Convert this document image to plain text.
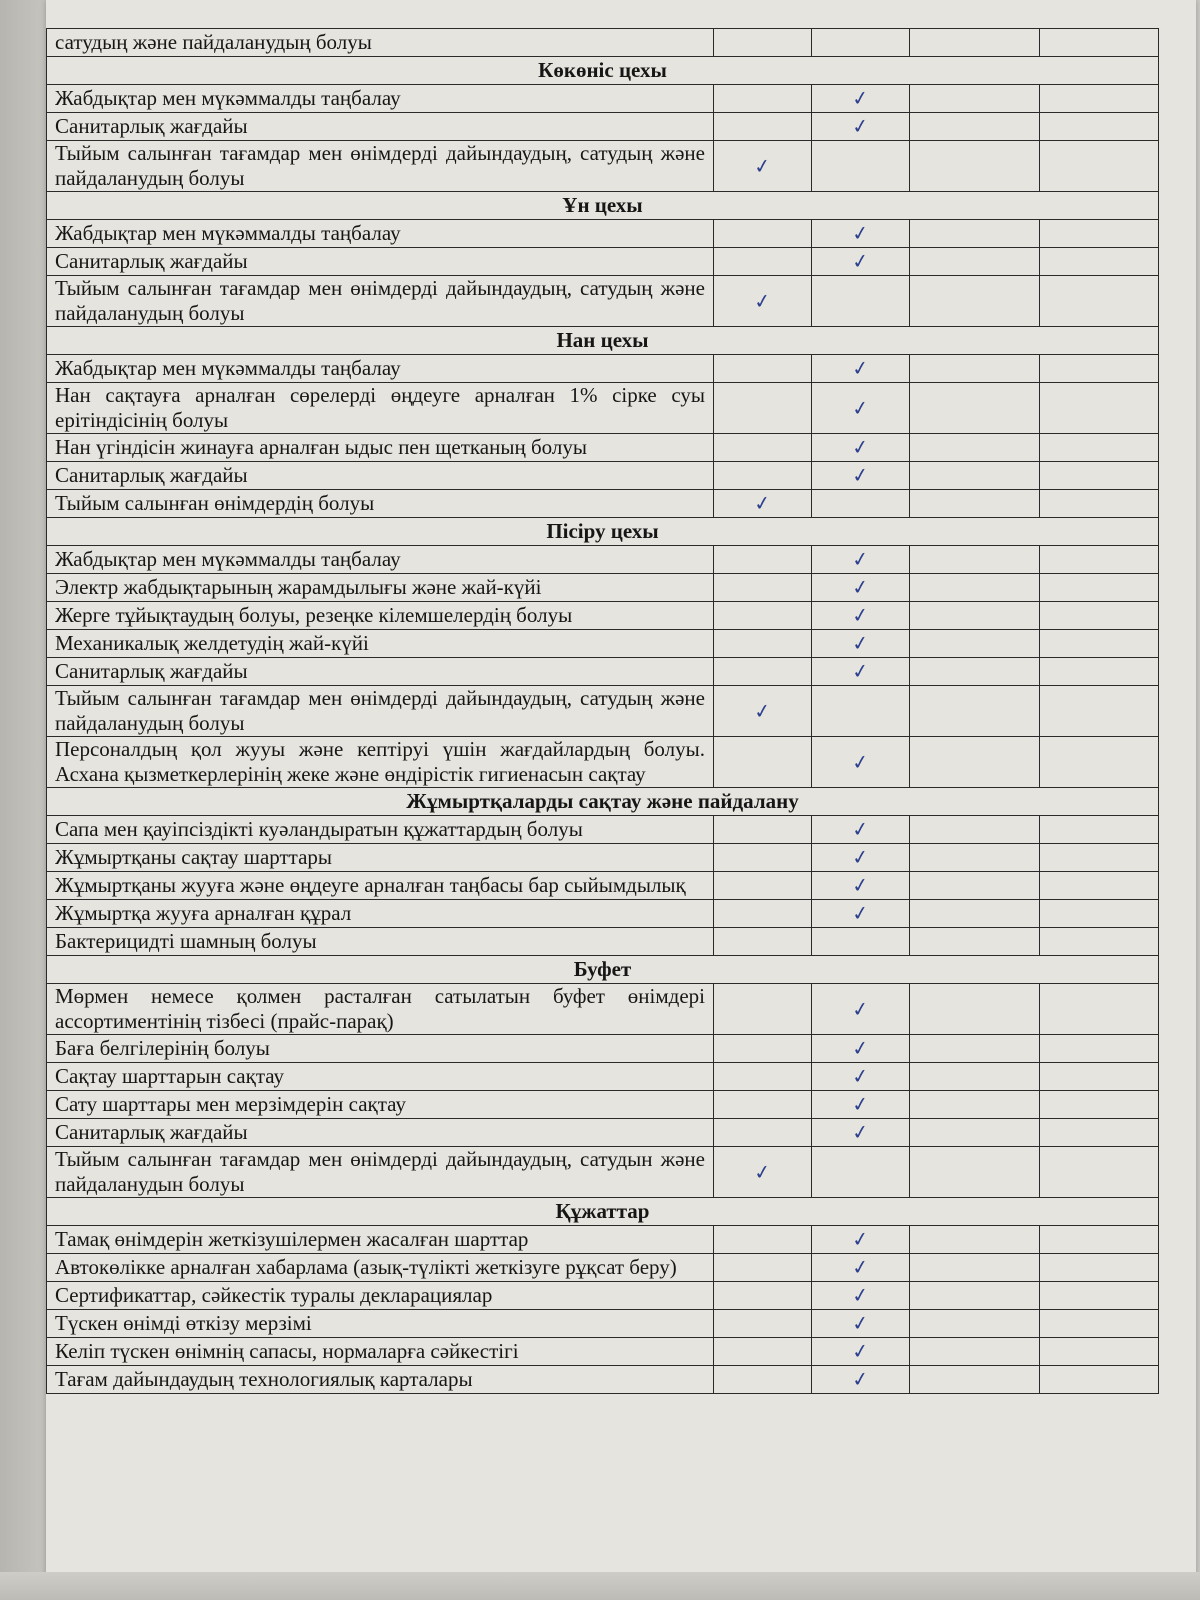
сатудың және пайдаланудың болуы				
Көкөніс цехы				
Жабдықтар мен мүкәммалды таңбалау		✓		
Санитарлық жағдайы		✓		
Тыйым салынған тағамдар мен өнімдерді дайындаудың, сатудың және пайдаланудың болуы	✓			
Ұн цехы				
Жабдықтар мен мүкәммалды таңбалау		✓		
Санитарлық жағдайы		✓		
Тыйым салынған тағамдар мен өнімдерді дайындаудың, сатудың және пайдаланудың болуы	✓			
Нан цехы				
Жабдықтар мен мүкәммалды таңбалау		✓		
Нан сақтауға арналған сөрелерді өңдеуге арналған 1% сірке суы ерітіндісінің болуы		✓		
Нан үгіндісін жинауға арналған ыдыс пен щетканың болуы		✓		
Санитарлық жағдайы		✓		
Тыйым салынған өнімдердің болуы	✓			
Пісіру цехы				
Жабдықтар мен мүкәммалды таңбалау		✓		
Электр жабдықтарының жарамдылығы және жай-күйі		✓		
Жерге тұйықтаудың болуы, резеңке кілемшелердің болуы		✓		
Механикалық желдетудің жай-күйі		✓		
Санитарлық жағдайы		✓		
Тыйым салынған тағамдар мен өнімдерді дайындаудың, сатудың және пайдаланудың болуы	✓			
Персоналдың қол жууы және кептіруі үшін жағдайлардың болуы. Асхана қызметкерлерінің жеке және өндірістік гигиенасын сақтау		✓		
Жұмыртқаларды сақтау және пайдалану				
Сапа мен қауіпсіздікті куәландыратын құжаттардың болуы		✓		
Жұмыртқаны сақтау шарттары		✓		
Жұмыртқаны жууға және өңдеуге арналған таңбасы бар сыйымдылық		✓		
Жұмыртқа жууға арналған құрал		✓		
Бактерицидті шамның болуы				
Буфет				
Мөрмен немесе қолмен расталған сатылатын буфет өнімдері ассортиментінің тізбесі (прайс-парақ)		✓		
Баға белгілерінің болуы		✓		
Сақтау шарттарын сақтау		✓		
Сату шарттары мен мерзімдерін сақтау		✓		
Санитарлық жағдайы		✓		
Тыйым салынған тағамдар мен өнімдерді дайындаудың, сатудын және пайдаланудын болуы	✓			
Құжаттар				
Тамақ өнімдерін жеткізушілермен жасалған шарттар		✓		
Автокөлікке арналған хабарлама (азық-түлікті жеткізуге рұқсат беру)		✓		
Сертификаттар, сәйкестік туралы декларациялар		✓		
Түскен өнімді өткізу мерзімі		✓		
Келіп түскен өнімнің сапасы, нормаларға сәйкестігі		✓		
Тағам дайындаудың технологиялық карталары		✓		
